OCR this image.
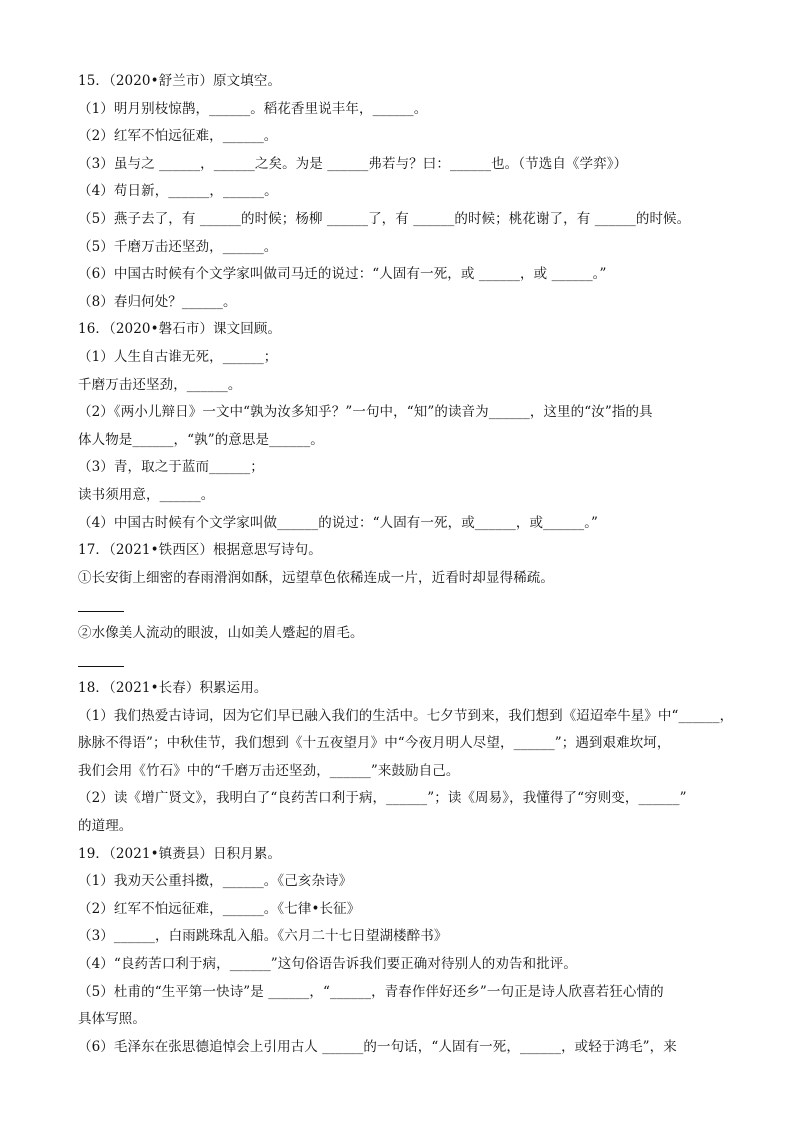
15．（2020•舒兰市）原文填空。
（1）明月别枝惊鹊，______。稻花香里说丰年，______。
（2）红军不怕远征难，______。
（3）虽与之 ______，______之矣。为是 ______弗若与？曰：______也。（节选自《学弈》）
（4）苟日新，______，______。
（5）燕子去了，有 ______的时候；杨柳 ______了，有 ______的时候；桃花谢了，有 ______的时候。
（5）千磨万击还坚劲，______。
（6）中国古时候有个文学家叫做司马迁的说过：“人固有一死，或 ______，或 ______。”
（8）春归何处？______。
16．（2020•磐石市）课文回顾。
（1）人生自古谁无死，______；
千磨万击还坚劲，______。
（2）《两小儿辩日》一文中“孰为汝多知乎？”一句中，“知”的读音为______，这里的“汝”指的具
体人物是______，“孰”的意思是______。
（3）青，取之于蓝而______；
读书须用意，______。
（4）中国古时候有个文学家叫做______的说过：“人固有一死，或______，或______。”
17．（2021•铁西区）根据意思写诗句。
①长安街上细密的春雨滑润如酥，远望草色依稀连成一片，近看时却显得稀疏。
②水像美人流动的眼波，山如美人蹙起的眉毛。
18．（2021•长春）积累运用。
（1）我们热爱古诗词，因为它们早已融入我们的生活中。七夕节到来，我们想到《迢迢牵牛星》中“______，
脉脉不得语”；中秋佳节，我们想到《十五夜望月》中“今夜月明人尽望，______”；遇到艰难坎坷，
我们会用《竹石》中的“千磨万击还坚劲，______”来鼓励自己。
（2）读《增广贤文》，我明白了“良药苦口利于病，______”；读《周易》，我懂得了“穷则变，______”
的道理。
19．（2021•镇赉县）日积月累。
（1）我劝天公重抖擞，______。《己亥杂诗》
（2）红军不怕远征难，______。《七律•长征》
（3）______，白雨跳珠乱入船。《六月二十七日望湖楼醉书》
（4）“良药苦口利于病，______”这句俗语告诉我们要正确对待别人的劝告和批评。
（5）杜甫的“生平第一快诗”是 ______，“______，青春作伴好还乡”一句正是诗人欣喜若狂心情的
具体写照。
（6）毛泽东在张思德追悼会上引用古人 ______的一句话，“人固有一死，______，或轻于鸿毛”，来
